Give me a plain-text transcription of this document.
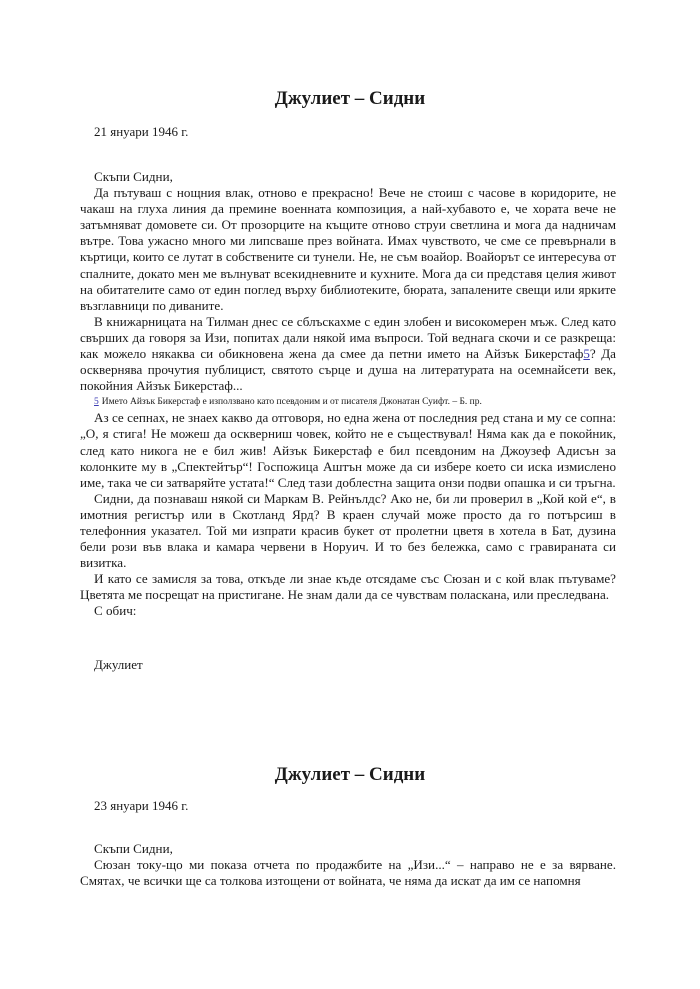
Джулиет – Сидни

21 януари 1946 г.

Скъпи Сидни,

Да пътуваш с нощния влак, отново е прекрасно! Вече не стоиш с часове в коридорите, не чакаш на глуха линия да премине военната композиция, а най-хубавото е, че хората вече не затъмняват домовете си. От прозорците на къщите отново струи светлина и мога да надничам вътре. Това ужасно много ми липсваше през войната. Имах чувството, че сме се превърнали в къртици, които се лутат в собствените си тунели. Не, не съм воайор. Воайорът се интересува от спалните, докато мен ме вълнуват всекидневните и кухните. Мога да си представя целия живот на обитателите само от един поглед върху библиотеките, бюрата, запалените свещи или ярките възглавници по диваните.

В книжарницата на Тилман днес се сблъскахме с един злобен и високомерен мъж. След като свърших да говоря за Изи, попитах дали някой има въпроси. Той веднага скочи и се разкреща: как можело някаква си обикновена жена да смее да петни името на Айзък Бикерстаф5? Да осквернява прочутия публицист, святото сърце и душа на литературата на осемнайсети век, покойния Айзък Бикерстаф...

5 Името Айзък Бикерстаф е използвано като псевдоним и от писателя Джонатан Суифт. – Б. пр.

Аз се сепнах, не знаех какво да отговоря, но една жена от последния ред стана и му се сопна: „О, я стига! Не можеш да оскверниш човек, който не е съществувал! Няма как да е покойник, след като никога не е бил жив! Айзък Бикерстаф е бил псевдоним на Джоузеф Адисън за колонките му в „Спектейтър“! Госпожица Аштън може да си избере което си иска измислено име, така че си затваряйте устата!“ След тази доблестна защита онзи подви опашка и си тръгна.

Сидни, да познаваш някой си Маркам В. Рейнълдс? Ако не, би ли проверил в „Кой кой е“, в имотния регистър или в Скотланд Ярд? В краен случай може просто да го потърсиш в телефонния указател. Той ми изпрати красив букет от пролетни цветя в хотела в Бат, дузина бели рози във влака и камара червени в Норуич. И то без бележка, само с гравираната си визитка.

И като се замисля за това, откъде ли знае къде отсядаме със Сюзан и с кой влак пътуваме? Цветята ме посрещат на пристигане. Не знам дали да се чувствам поласкана, или преследвана.

С обич:

Джулиет

Джулиет – Сидни

23 януари 1946 г.

Скъпи Сидни,

Сюзан току-що ми показа отчета по продажбите на „Изи...“ – направо не е за вярване. Смятах, че всички ще са толкова изтощени от войната, че няма да искат да им се напомня
